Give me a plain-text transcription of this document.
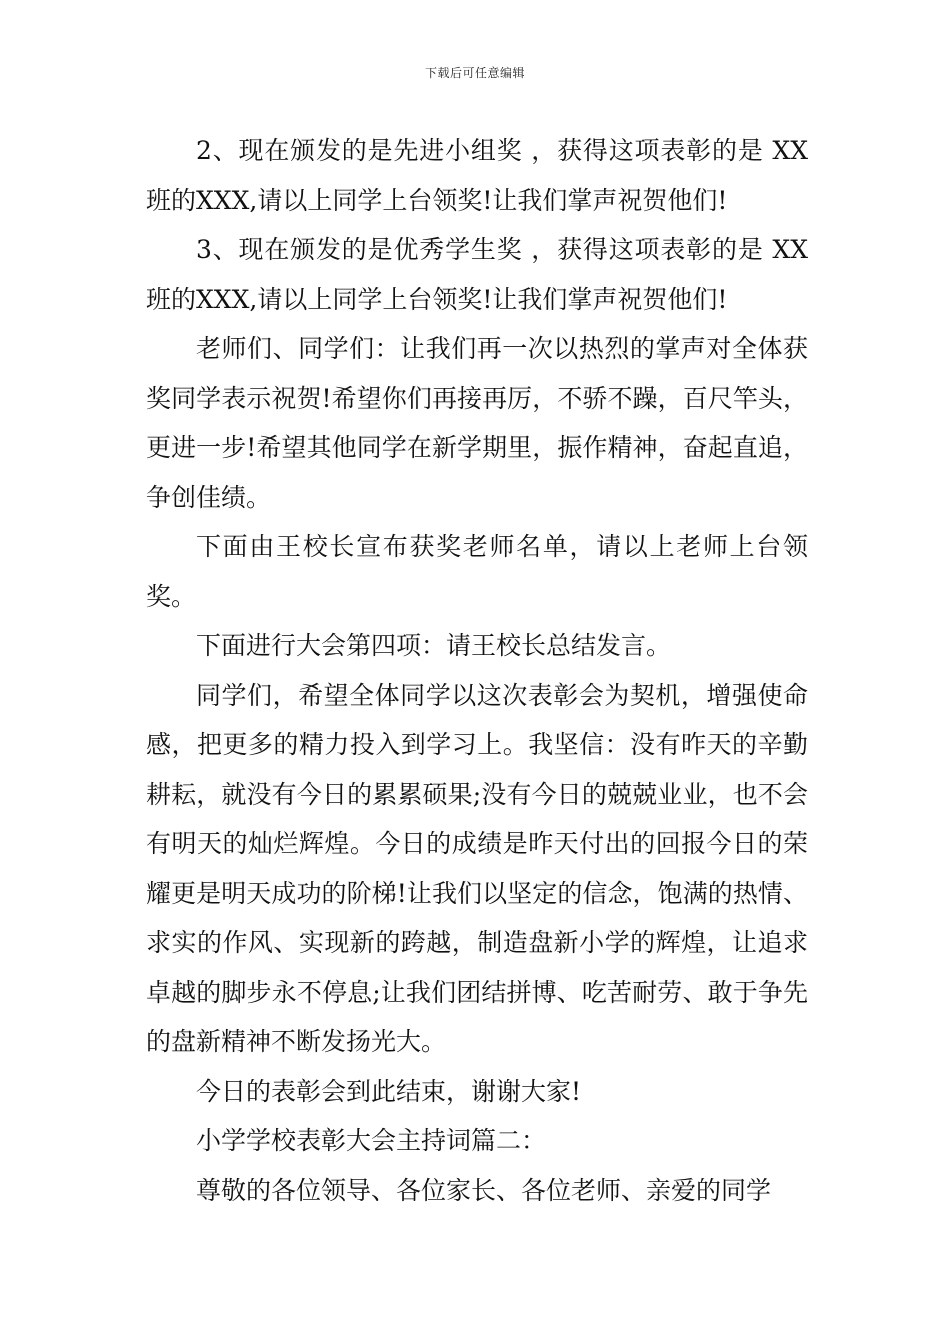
下载后可任意编辑

2、现在颁发的是先进小组奖 ，获得这项表彰的是 XX班的XXX,请以上同学上台领奖!让我们掌声祝贺他们!

3、现在颁发的是优秀学生奖 ，获得这项表彰的是 XX班的XXX,请以上同学上台领奖!让我们掌声祝贺他们!

老师们、同学们：让我们再一次以热烈的掌声对全体获奖同学表示祝贺!希望你们再接再厉，不骄不躁，百尺竿头，更进一步!希望其他同学在新学期里，振作精神，奋起直追，争创佳绩。

下面由王校长宣布获奖老师名单，请以上老师上台领奖。

下面进行大会第四项：请王校长总结发言。

同学们，希望全体同学以这次表彰会为契机，增强使命感，把更多的精力投入到学习上。我坚信：没有昨天的辛勤耕耘，就没有今日的累累硕果;没有今日的兢兢业业，也不会有明天的灿烂辉煌。今日的成绩是昨天付出的回报今日的荣耀更是明天成功的阶梯!让我们以坚定的信念，饱满的热情、求实的作风、实现新的跨越，制造盘新小学的辉煌，让追求卓越的脚步永不停息;让我们团结拼博、吃苦耐劳、敢于争先的盘新精神不断发扬光大。

今日的表彰会到此结束，谢谢大家!

小学学校表彰大会主持词篇二：

尊敬的各位领导、各位家长、各位老师、亲爱的同学
